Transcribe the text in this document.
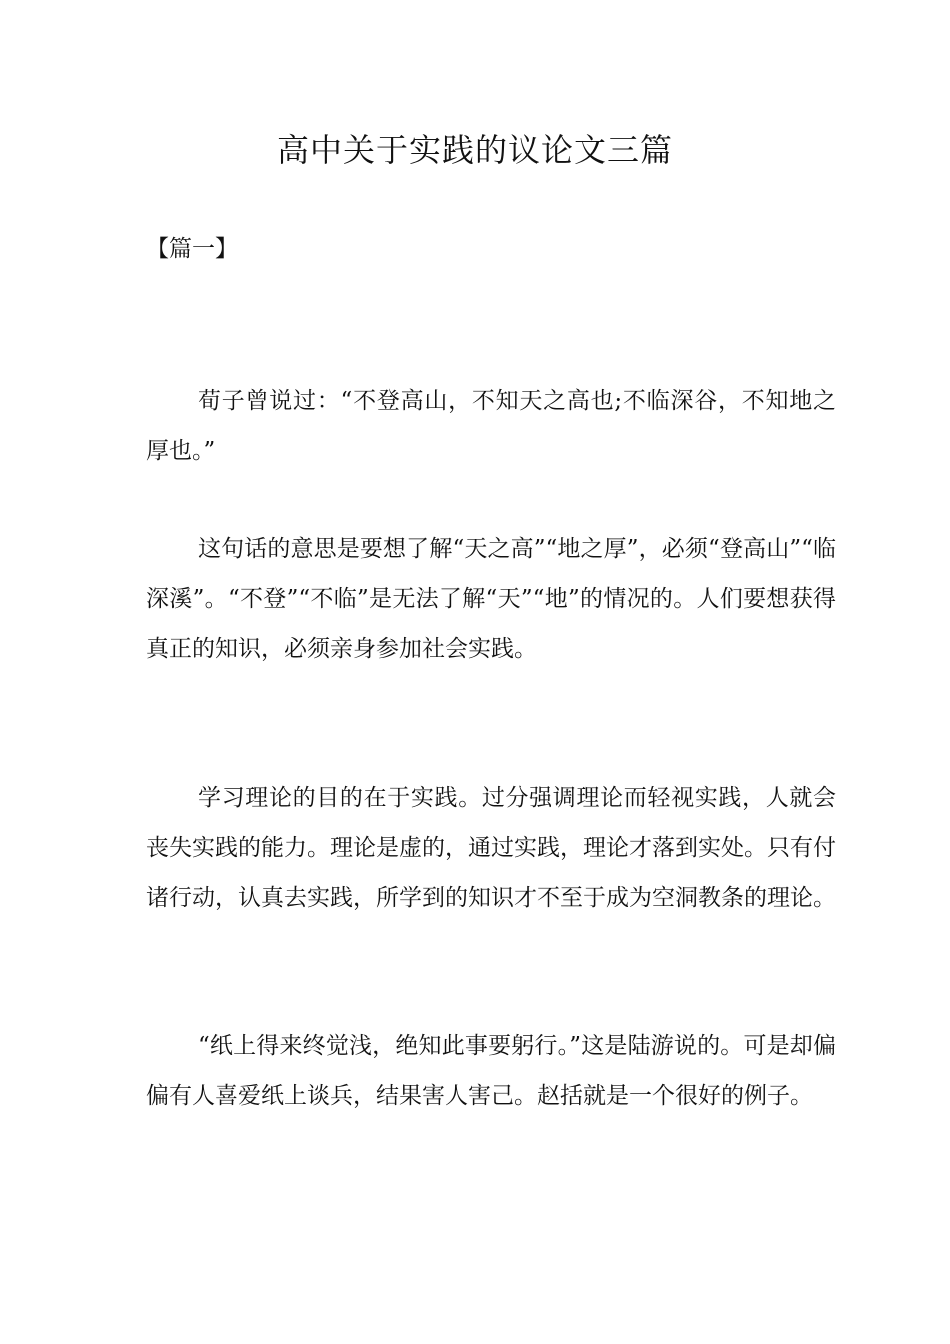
高中关于实践的议论文三篇
【篇一】

荀子曾说过：“不登高山，不知天之高也;不临深谷，不知地之厚也。”

这句话的意思是要想了解“天之高”“地之厚”，必须“登高山”“临深溪”。“不登”“不临”是无法了解“天”“地”的情况的。人们要想获得真正的知识，必须亲身参加社会实践。

学习理论的目的在于实践。过分强调理论而轻视实践，人就会丧失实践的能力。理论是虚的，通过实践，理论才落到实处。只有付诸行动，认真去实践，所学到的知识才不至于成为空洞教条的理论。

“纸上得来终觉浅，绝知此事要躬行。”这是陆游说的。可是却偏偏有人喜爱纸上谈兵，结果害人害己。赵括就是一个很好的例子。
